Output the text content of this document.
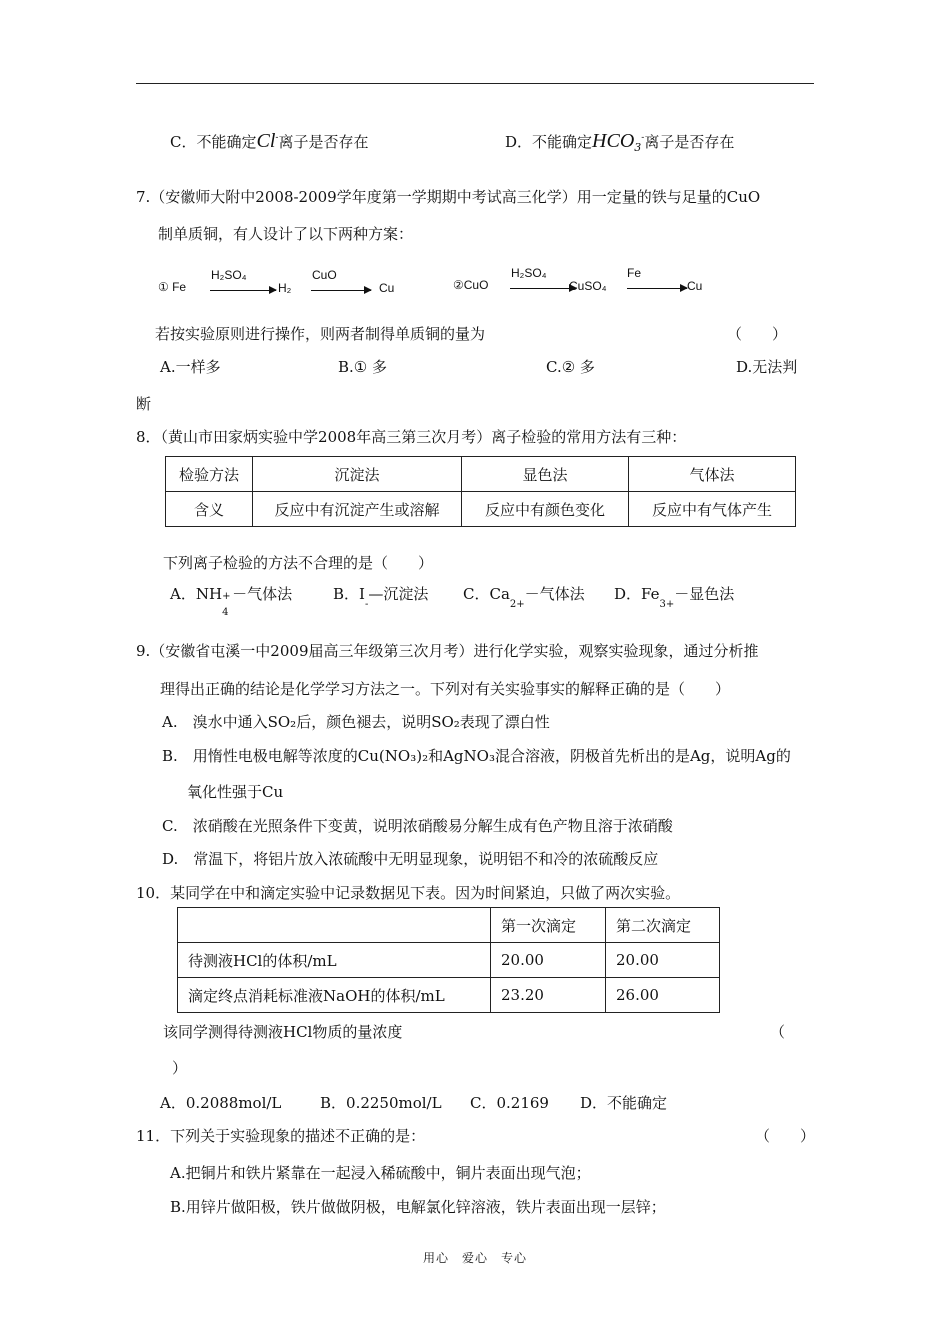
C．不能确定Cl-离子是否存在	D．不能确定$HCO_3^-$离子是否存在
7.（安徽师大附中2008-2009学年度第一学期期中考试高三化学）用一定量的铁与足量的CuO
制单质铜，有人设计了以下两种方案：
① Fe
H₂SO₄
H₂
CuO
Cu	②CuO
H₂SO₄
CuSO₄
Fe
Cu
若按实验原则进行操作，则两者制得单质铜的量为	（　　）
A.一样多	B.① 多	C.② 多	D.无法判
断
8．（黄山市田家炳实验中学2008年高三第三次月考）离子检验的常用方法有三种：
检验方法	沉淀法	显色法	气体法
含义	反应中有沉淀产生或溶解	反应中有颜色变化	反应中有气体产生
下列离子检验的方法不合理的是（　　）
A．NH +
4
－气体法	B．$I_-—$沉淀法 C．$Ca_{2+}-$气体法 D．$Fe_{3+}-$显色法
9.（安徽省屯溪一中2009届高三年级第三次月考）进行化学实验，观察实验现象，通过分析推
理得出正确的结论是化学学习方法之一。下列对有关实验事实的解释正确的是（　　）
A.　溴水中通入SO₂后，颜色褪去，说明SO₂表现了漂白性
B.　用惰性电极电解等浓度的Cu(NO₃)₂和AgNO₃混合溶液，阴极首先析出的是Ag，说明Ag的
氧化性强于Cu
C.　浓硝酸在光照条件下变黄，说明浓硝酸易分解生成有色产物且溶于浓硝酸
D.　常温下，将铝片放入浓硫酸中无明显现象，说明铝不和冷的浓硫酸反应
10．某同学在中和滴定实验中记录数据见下表。因为时间紧迫，只做了两次实验。
	第一次滴定	第二次滴定
待测液HCl的体积/mL	20.00	20.00
滴定终点消耗标准液NaOH的体积/mL	23.20	26.00
该同学测得待测液HCl物质的量浓度	（
）
A．0.2088mol/L	B．0.2250mol/L C．0.2169 D．不能确定
11．下列关于实验现象的描述不正确的是：	（　　）
A.把铜片和铁片紧靠在一起浸入稀硫酸中，铜片表面出现气泡；
B.用锌片做阳极，铁片做做阴极，电解氯化锌溶液，铁片表面出现一层锌；
用心　爱心　专心
